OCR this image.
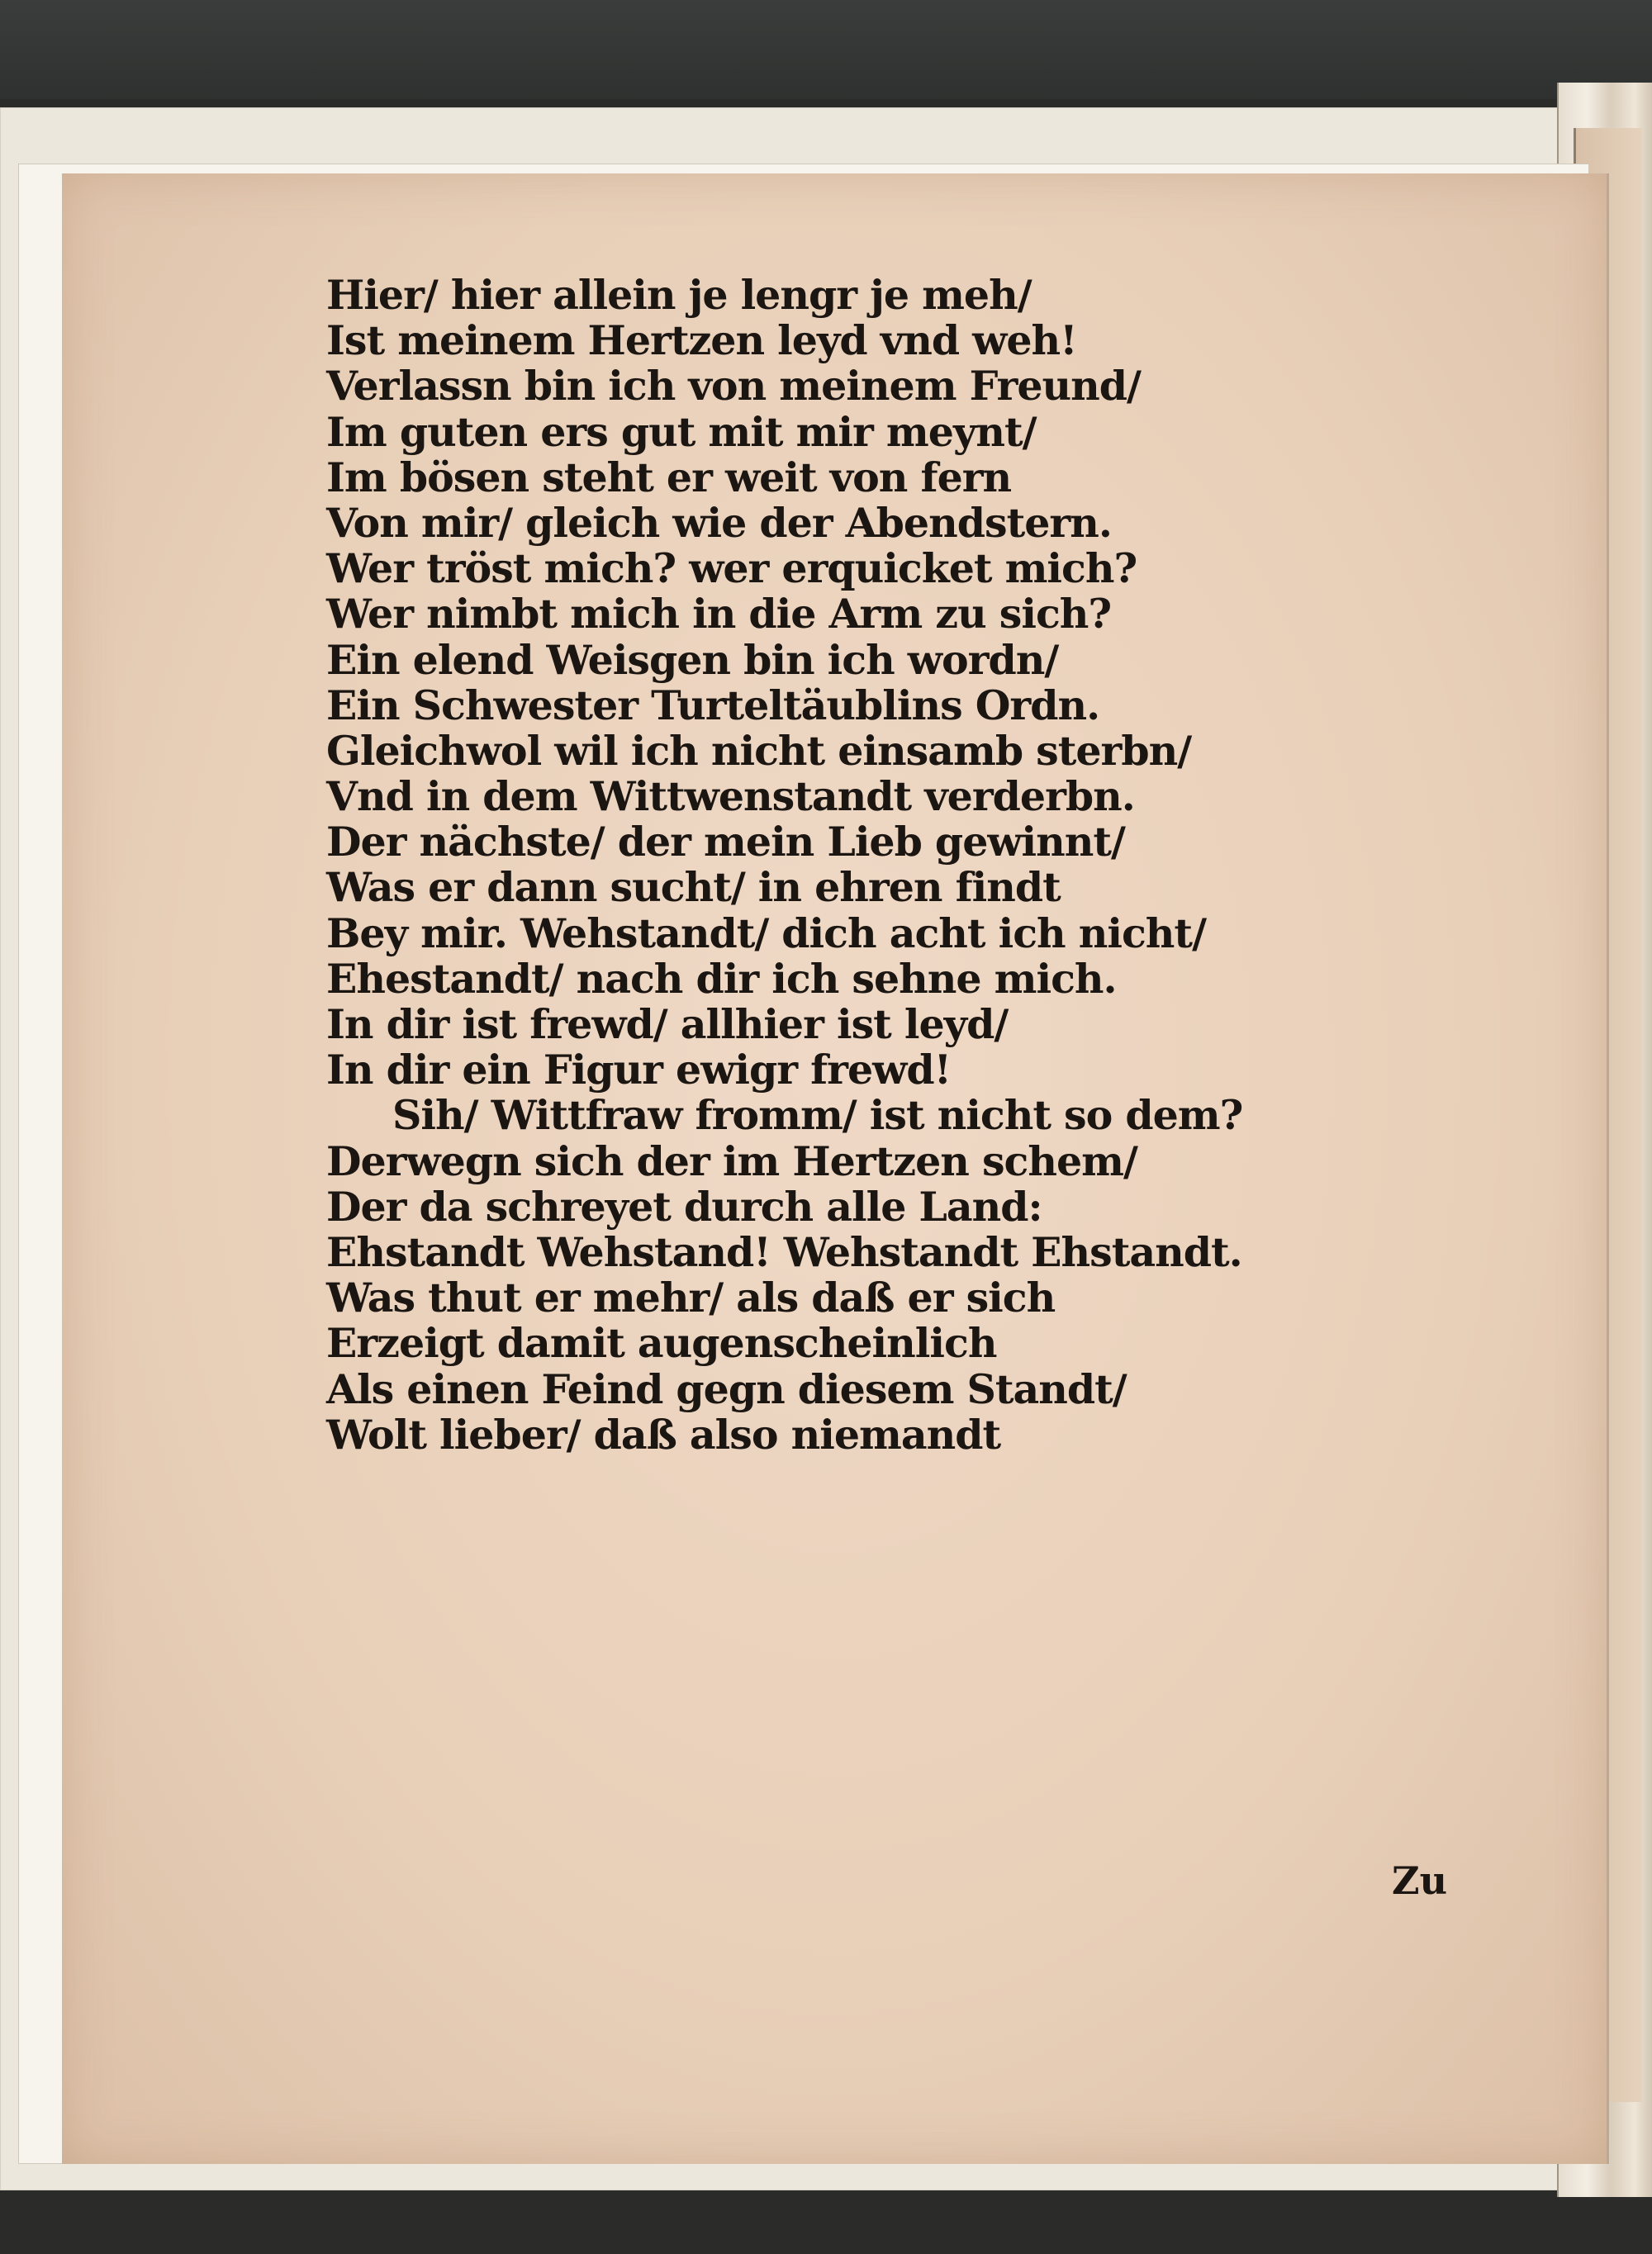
Hier/ hier allein je lengr je meh/
Ist meinem Hertzen leyd vnd weh!
Verlassn bin ich von meinem Freund/
Im guten ers gut mit mir meynt/
Im bösen steht er weit von fern
Von mir/ gleich wie der Abendstern.
Wer tröst mich? wer erquicket mich?
Wer nimbt mich in die Arm zu sich?
Ein elend Weisgen bin ich wordn/
Ein Schwester Turteltäublins Ordn.
Gleichwol wil ich nicht einsamb sterbn/
Vnd in dem Wittwenstandt verderbn.
Der nächste/ der mein Lieb gewinnt/
Was er dann sucht/ in ehren findt
Bey mir. Wehstandt/ dich acht ich nicht/
Ehestandt/ nach dir ich sehne mich.
In dir ist frewd/ allhier ist leyd/
In dir ein Figur ewigr frewd!
Sih/ Wittfraw fromm/ ist nicht so dem?
Derwegn sich der im Hertzen schem/
Der da schreyet durch alle Land:
Ehstandt Wehstand! Wehstandt Ehstandt.
Was thut er mehr/ als daß er sich
Erzeigt damit augenscheinlich
Als einen Feind gegn diesem Standt/
Wolt lieber/ daß also niemandt
Zu
